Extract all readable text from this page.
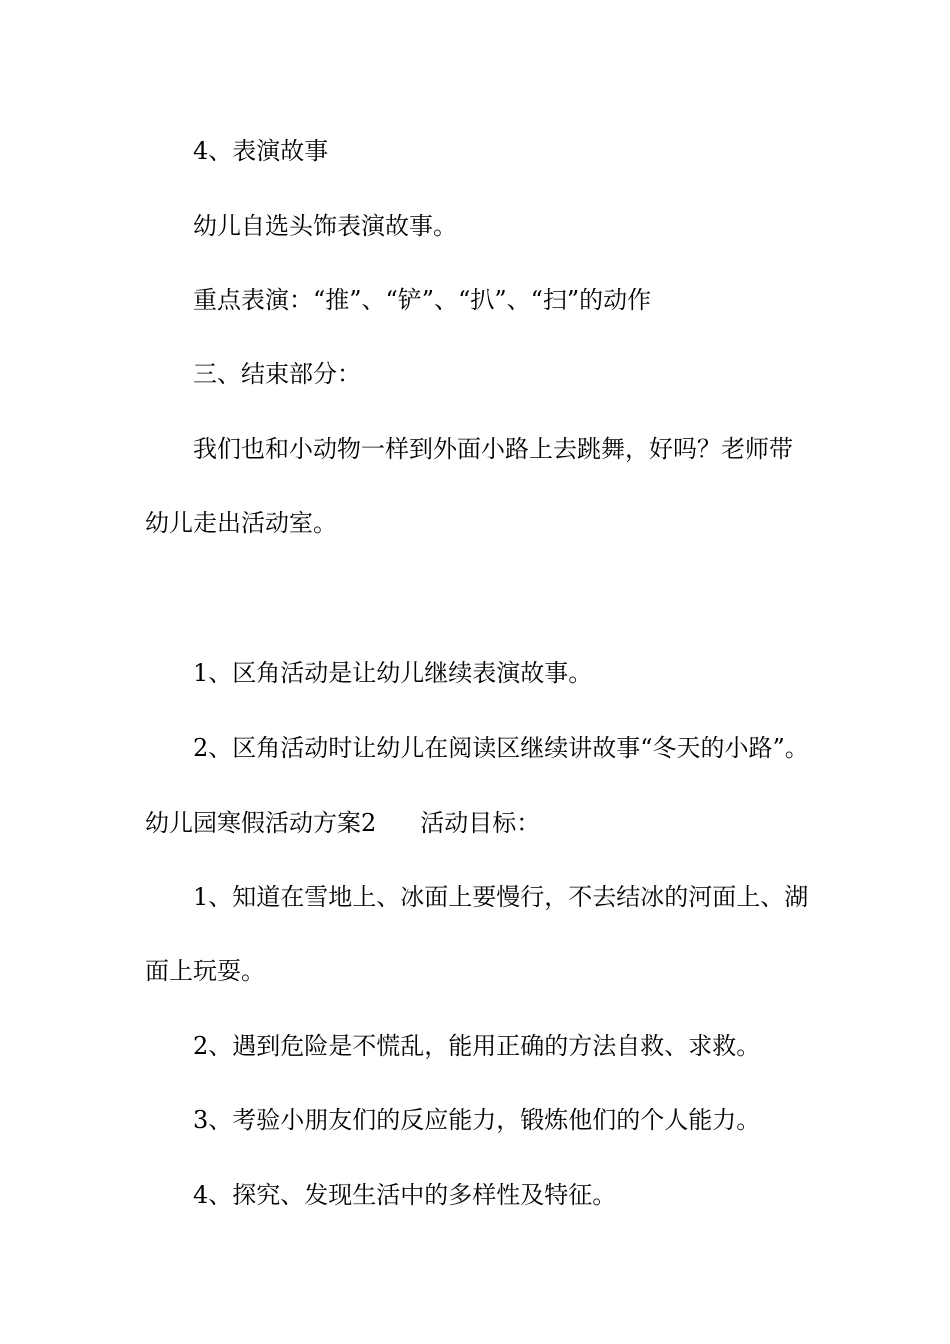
4、表演故事
幼儿自选头饰表演故事。
重点表演：“推”、“铲”、“扒”、“扫”的动作
三、结束部分：
我们也和小动物一样到外面小路上去跳舞，好吗？老师带
幼儿走出活动室。
1、区角活动是让幼儿继续表演故事。
2、区角活动时让幼儿在阅读区继续讲故事“冬天的小路”。
幼儿园寒假活动方案2 活动目标：
1、知道在雪地上、冰面上要慢行，不去结冰的河面上、湖
面上玩耍。
2、遇到危险是不慌乱，能用正确的方法自救、求救。
3、考验小朋友们的反应能力，锻炼他们的个人能力。
4、探究、发现生活中的多样性及特征。
